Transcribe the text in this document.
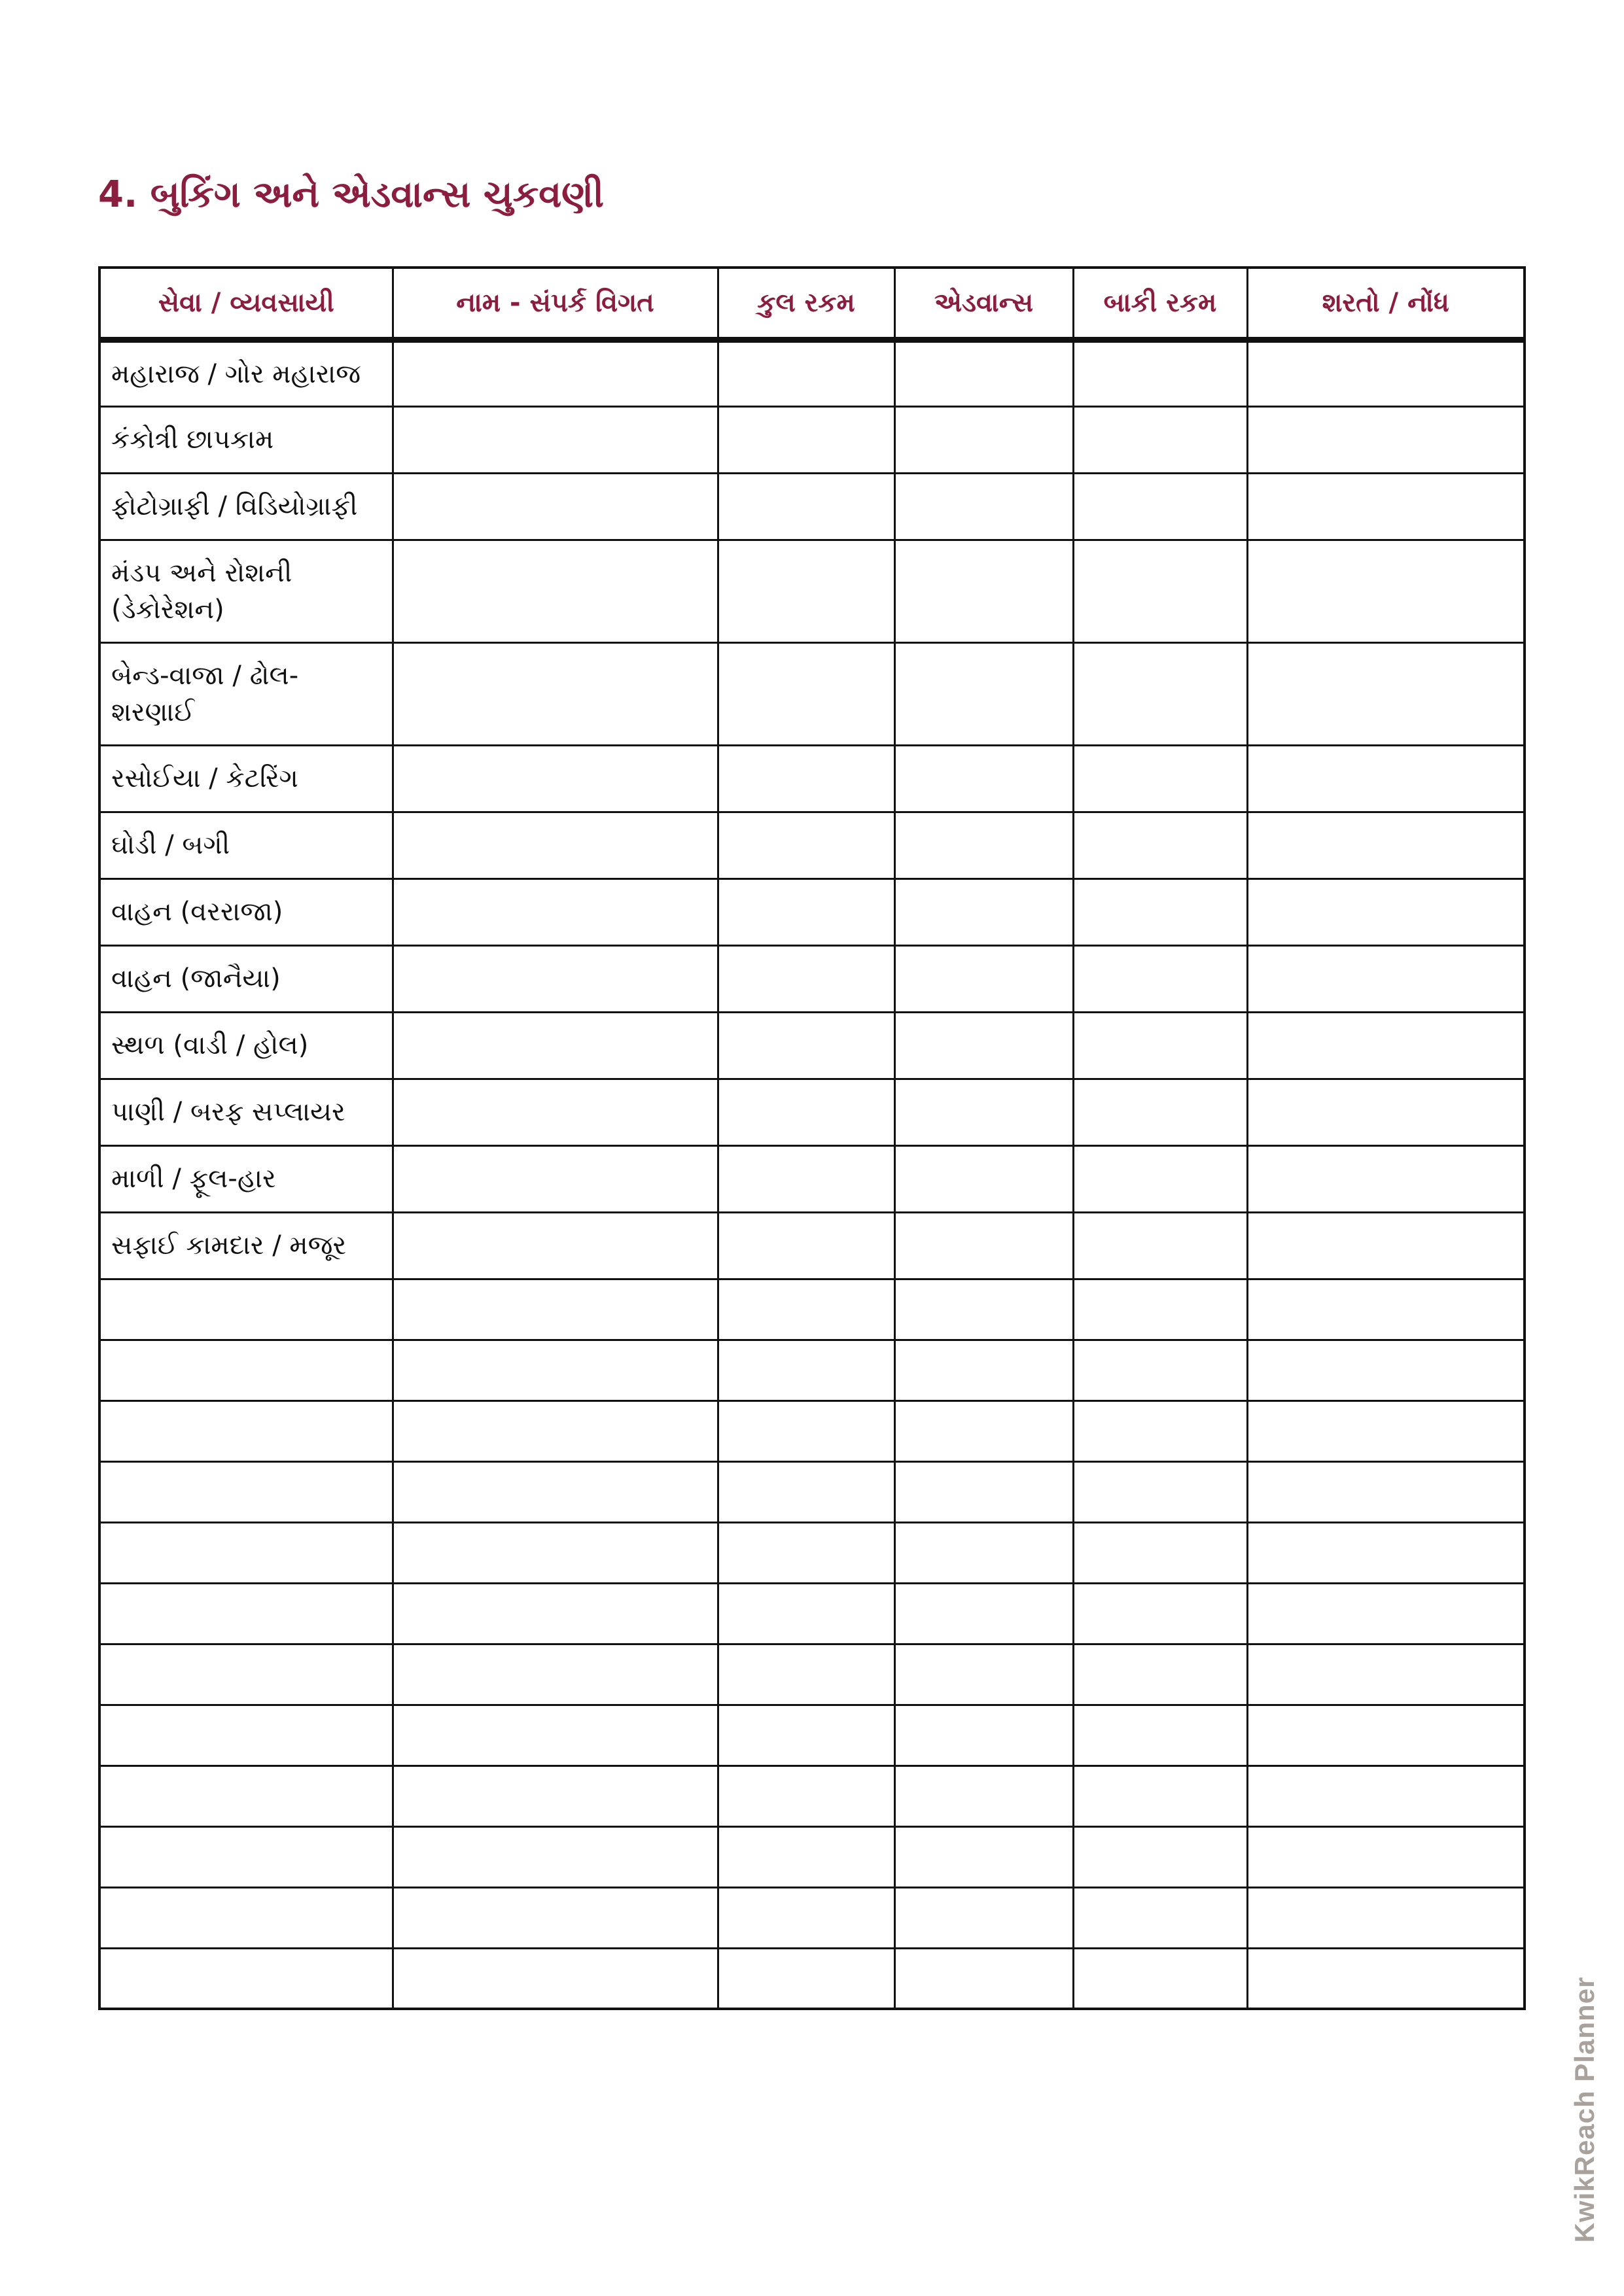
4. બુકિંગ અને એડવાન્સ ચુકવણી
સેવા / વ્યવસાયી	નામ - સંપર્ક વિગત	કુલ રકમ	એડવાન્સ	બાકી રકમ	શરતો / નોંધ
મહારાજ / ગોર મહારાજ					
કંકોત્રી છાપકામ					
ફોટોગ્રાફી / વિડિયોગ્રાફી					
મંડપ અને રોશની (ડેકોરેશન)					
બેન્ડ-વાજા / ઢોલ-શરણાઈ					
રસોઈયા / કેટરિંગ					
ઘોડી / બગી					
વાહન (વરરાજા)					
વાહન (જાનૈયા)					
સ્થળ (વાડી / હોલ)					
પાણી / બરફ સપ્લાયર					
માળી / ફૂલ-હાર					
સફાઈ કામદાર / મજૂર					

KwikReach Planner
